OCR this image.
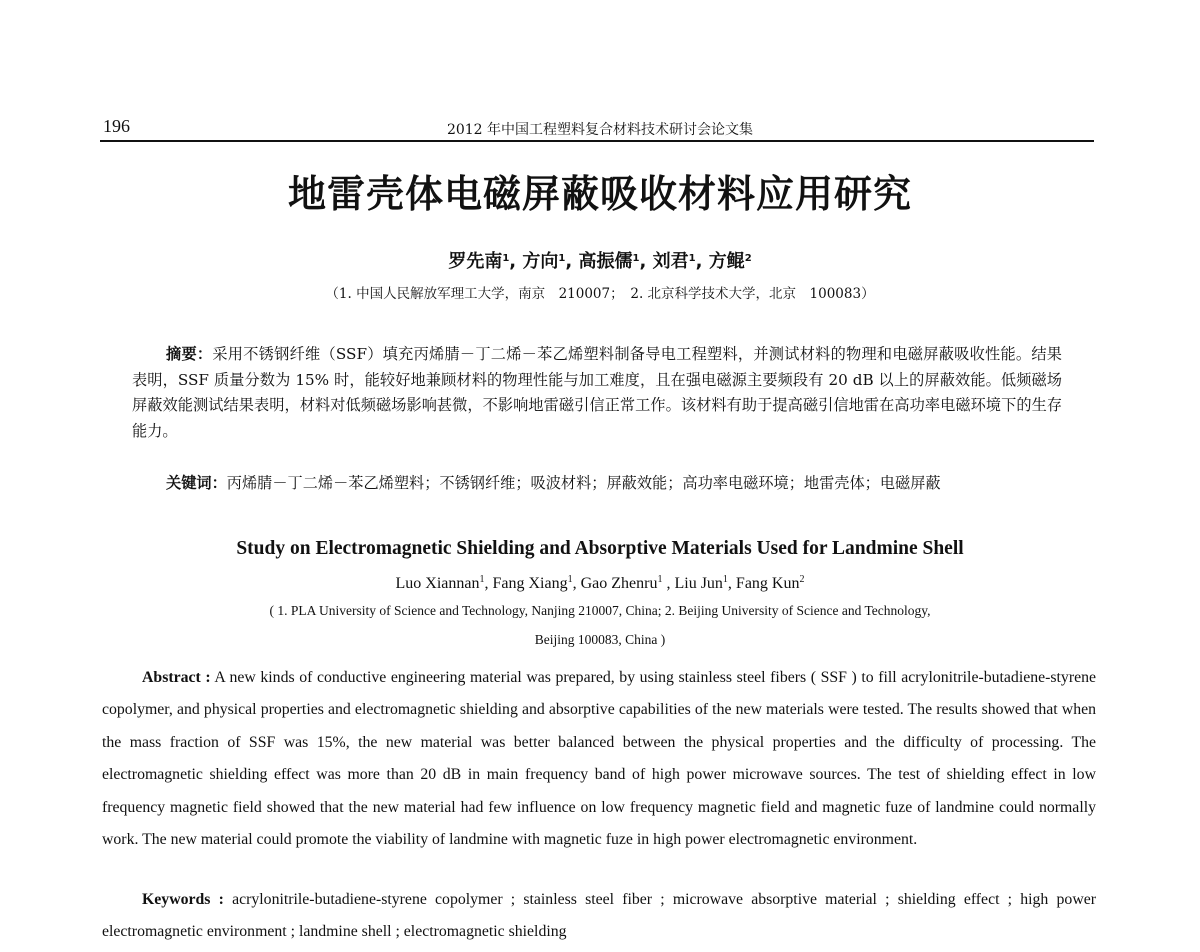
196	2012 年中国工程塑料复合材料技术研讨会论文集
地雷壳体电磁屏蔽吸收材料应用研究
罗先南$^1$, 方向$^1$, 高振儒$^1$, 刘君$^1$, 方鲲$^2$
（1. 中国人民解放军理工大学，南京　210007；　2. 北京科学技术大学，北京　100083）

摘要：采用不锈钢纤维（SSF）填充丙烯腈－丁二烯－苯乙烯塑料制备导电工程塑料，并测试材料的物理和电磁屏蔽吸收性能。结果表明，SSF 质量分数为 15% 时，能较好地兼顾材料的物理性能与加工难度，且在强电磁源主要频段有 20 dB 以上的屏蔽效能。低频磁场屏蔽效能测试结果表明，材料对低频磁场影响甚微，不影响地雷磁引信正常工作。该材料有助于提高磁引信地雷在高功率电磁环境下的生存能力。

关键词：丙烯腈－丁二烯－苯乙烯塑料；不锈钢纤维；吸波材料；屏蔽效能；高功率电磁环境；地雷壳体；电磁屏蔽

Study on Electromagnetic Shielding and Absorptive Materials Used for Landmine Shell
Luo Xiannan$^1$, Fang Xiang$^1$, Gao Zhenru$^1$ , Liu Jun$^1$, Fang Kun$^2$
( 1. PLA University of Science and Technology, Nanjing 210007, China; 2. Beijing University of Science and Technology,
Beijing 100083, China )

Abstract : A new kinds of conductive engineering material was prepared, by using stainless steel fibers ( SSF ) to fill acrylonitrile-butadiene-styrene copolymer, and physical properties and electromagnetic shielding and absorptive capabilities of the new materials were tested. The results showed that when the mass fraction of SSF was 15%, the new material was better balanced between the physical properties and the difficulty of processing. The electromagnetic shielding effect was more than 20 dB in main frequency band of high power microwave sources. The test of shielding effect in low frequency magnetic field showed that the new material had few influence on low frequency magnetic field and magnetic fuze of landmine could normally work. The new material could promote the viability of landmine with magnetic fuze in high power electromagnetic environment.

Keywords : acrylonitrile-butadiene-styrene copolymer ; stainless steel fiber ; microwave absorptive material ; shielding effect ; high power electromagnetic environment ; landmine shell ; electromagnetic shielding
